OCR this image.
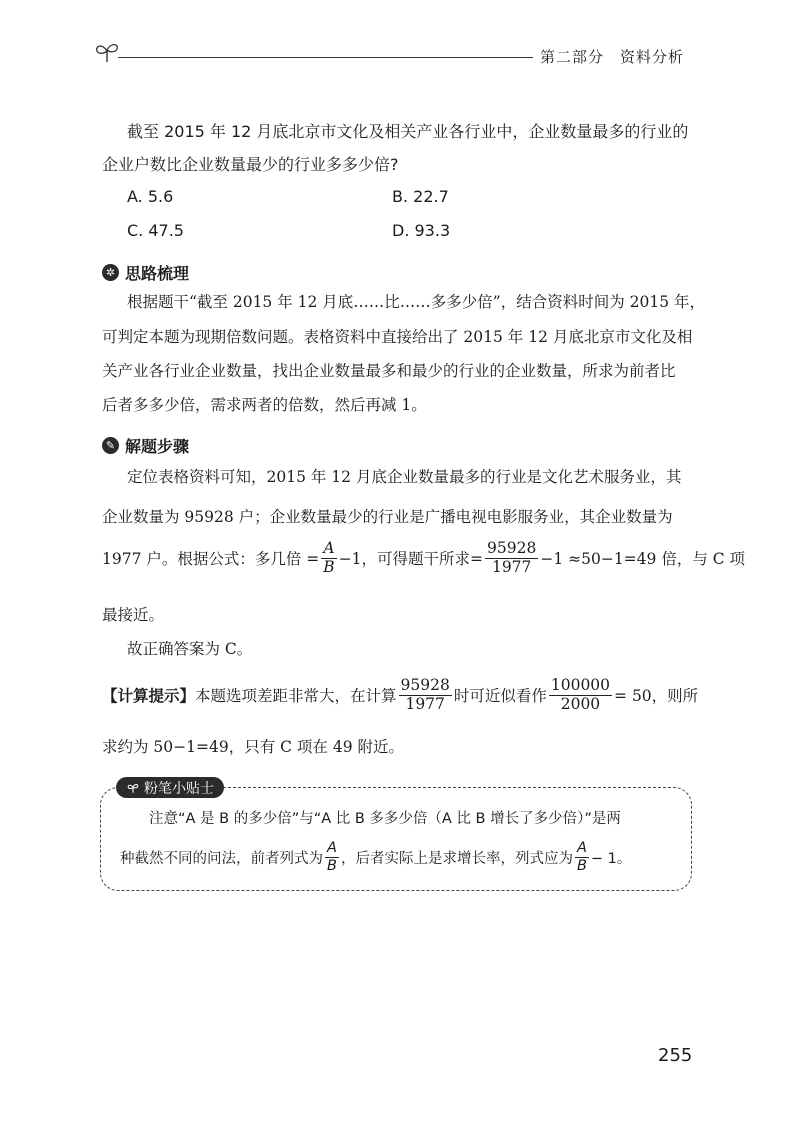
第二部分　资料分析
截至 2015 年 12 月底北京市文化及相关产业各行业中，企业数量最多的行业的
企业户数比企业数量最少的行业多多少倍?
A. 5.6	B. 22.7
C. 47.5	D. 93.3
✲ 思路梳理
根据题干“截至 2015 年 12 月底……比……多多少倍”，结合资料时间为 2015 年，
可判定本题为现期倍数问题。表格资料中直接给出了 2015 年 12 月底北京市文化及相
关产业各行业企业数量，找出企业数量最多和最少的行业的企业数量，所求为前者比
后者多多少倍，需求两者的倍数，然后再减 1。
✎ 解题步骤
定位表格资料可知，2015 年 12 月底企业数量最多的行业是文化艺术服务业，其
企业数量为 95928 户；企业数量最少的行业是广播电视电影服务业，其企业数量为
1977 户。根据公式：多几倍 = $\frac{A}{B} -1$，可得题干所求= $\frac{95928}{1977} -1 \approx 50-1=49$ 倍，与 C 项
最接近。
故正确答案为 C。
【计算提示】 本题选项差距非常大，在计算 $\frac{95928}{1977}$ 时可近似看作 $\frac{100000}{2000} = 50$，则所
求约为 50−1=49，只有 C 项在 49 附近。
粉笔小贴士
注意“A 是 B 的多少倍”与“A 比 B 多多少倍（A 比 B 增长了多少倍）”是两
种截然不同的问法，前者列式为 $\frac{A}{B}$ ，后者实际上是求增长率，列式应为 $\frac{A}{B} - 1$。
255
